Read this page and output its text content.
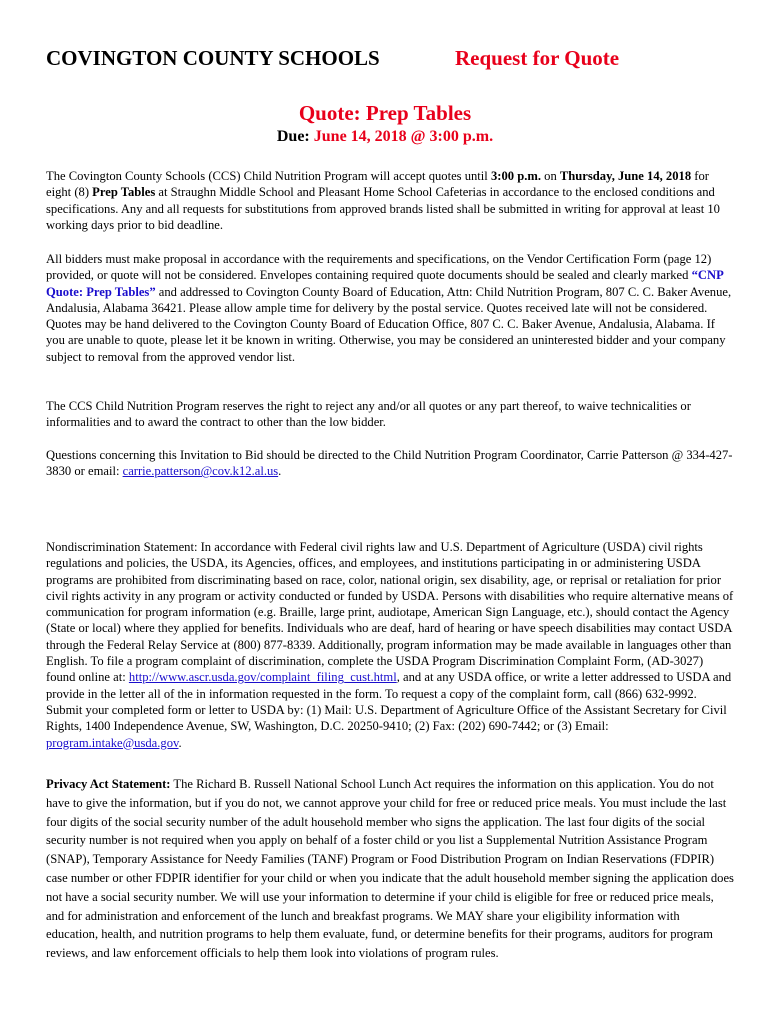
COVINGTON COUNTY SCHOOLS	Request for Quote
Quote: Prep Tables
Due: June 14, 2018 @ 3:00 p.m.
The Covington County Schools (CCS) Child Nutrition Program will accept quotes until 3:00 p.m. on Thursday, June 14, 2018 for eight (8) Prep Tables at Straughn Middle School and Pleasant Home School Cafeterias in accordance to the enclosed conditions and specifications. Any and all requests for substitutions from approved brands listed shall be submitted in writing for approval at least 10 working days prior to bid deadline.
All bidders must make proposal in accordance with the requirements and specifications, on the Vendor Certification Form (page 12) provided, or quote will not be considered. Envelopes containing required quote documents should be sealed and clearly marked “CNP Quote: Prep Tables” and addressed to Covington County Board of Education, Attn: Child Nutrition Program, 807 C. C. Baker Avenue, Andalusia, Alabama 36421. Please allow ample time for delivery by the postal service. Quotes received late will not be considered. Quotes may be hand delivered to the Covington County Board of Education Office, 807 C. C. Baker Avenue, Andalusia, Alabama. If you are unable to quote, please let it be known in writing. Otherwise, you may be considered an uninterested bidder and your company subject to removal from the approved vendor list.
The CCS Child Nutrition Program reserves the right to reject any and/or all quotes or any part thereof, to waive technicalities or informalities and to award the contract to other than the low bidder.
Questions concerning this Invitation to Bid should be directed to the Child Nutrition Program Coordinator, Carrie Patterson @ 334-427-3830 or email: carrie.patterson@cov.k12.al.us.
Nondiscrimination Statement: In accordance with Federal civil rights law and U.S. Department of Agriculture (USDA) civil rights regulations and policies, the USDA, its Agencies, offices, and employees, and institutions participating in or administering USDA programs are prohibited from discriminating based on race, color, national origin, sex disability, age, or reprisal or retaliation for prior civil rights activity in any program or activity conducted or funded by USDA. Persons with disabilities who require alternative means of communication for program information (e.g. Braille, large print, audiotape, American Sign Language, etc.), should contact the Agency (State or local) where they applied for benefits. Individuals who are deaf, hard of hearing or have speech disabilities may contact USDA through the Federal Relay Service at (800) 877-8339. Additionally, program information may be made available in languages other than English. To file a program complaint of discrimination, complete the USDA Program Discrimination Complaint Form, (AD-3027) found online at: http://www.ascr.usda.gov/complaint_filing_cust.html, and at any USDA office, or write a letter addressed to USDA and provide in the letter all of the in information requested in the form. To request a copy of the complaint form, call (866) 632-9992. Submit your completed form or letter to USDA by: (1) Mail: U.S. Department of Agriculture Office of the Assistant Secretary for Civil Rights, 1400 Independence Avenue, SW, Washington, D.C. 20250-9410; (2) Fax: (202) 690-7442; or (3) Email: program.intake@usda.gov.
Privacy Act Statement: The Richard B. Russell National School Lunch Act requires the information on this application. You do not have to give the information, but if you do not, we cannot approve your child for free or reduced price meals. You must include the last four digits of the social security number of the adult household member who signs the application. The last four digits of the social security number is not required when you apply on behalf of a foster child or you list a Supplemental Nutrition Assistance Program (SNAP), Temporary Assistance for Needy Families (TANF) Program or Food Distribution Program on Indian Reservations (FDPIR) case number or other FDPIR identifier for your child or when you indicate that the adult household member signing the application does not have a social security number. We will use your information to determine if your child is eligible for free or reduced price meals, and for administration and enforcement of the lunch and breakfast programs. We MAY share your eligibility information with education, health, and nutrition programs to help them evaluate, fund, or determine benefits for their programs, auditors for program reviews, and law enforcement officials to help them look into violations of program rules.
